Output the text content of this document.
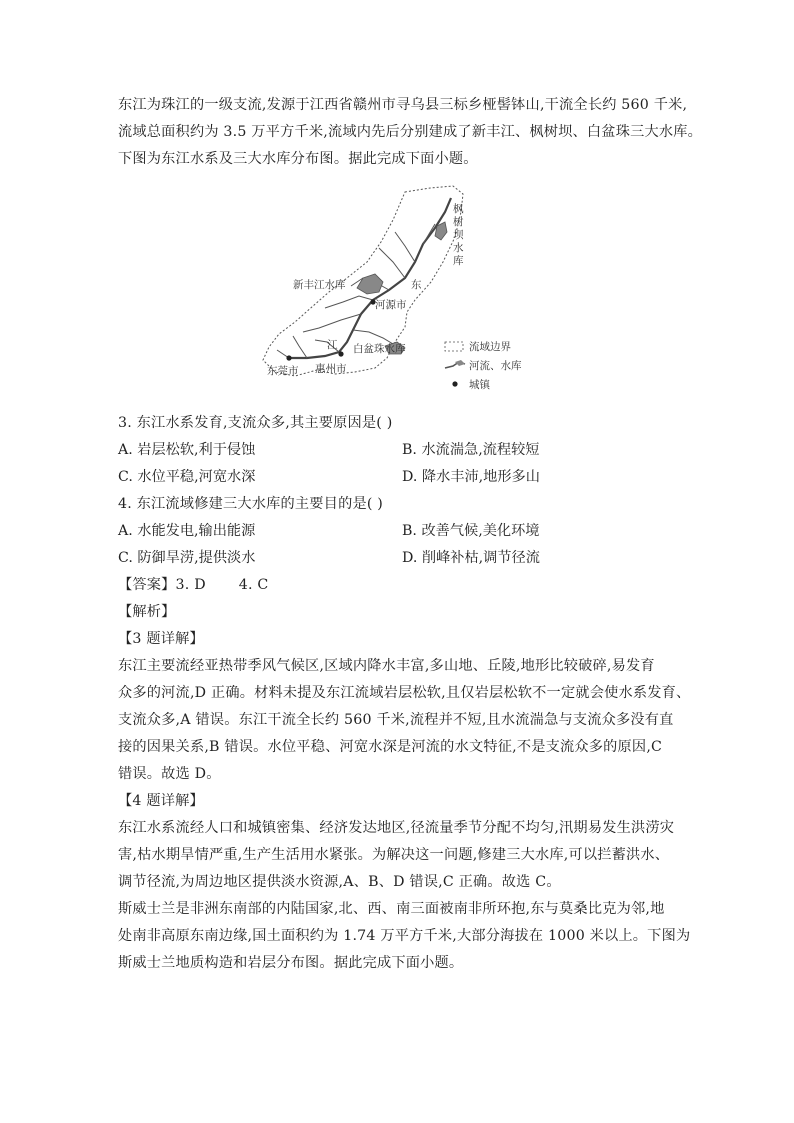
东江为珠江的一级支流,发源于江西省赣州市寻乌县三标乡桠髻钵山,干流全长约 560 千米,
流域总面积约为 3.5 万平方千米,流域内先后分别建成了新丰江、枫树坝、白盆珠三大水库。
下图为东江水系及三大水库分布图。据此完成下面小题。
枫 树 坝 水 库
新丰江水库	东
河源市
江 白盆珠水库
东莞市 惠州市
流域边界
河流、水库
城镇
3. 东江水系发育,支流众多,其主要原因是( )
A. 岩层松软,利于侵蚀	B. 水流湍急,流程较短
C. 水位平稳,河宽水深	D. 降水丰沛,地形多山
4. 东江流域修建三大水库的主要目的是( )
A. 水能发电,输出能源	B. 改善气候,美化环境
C. 防御旱涝,提供淡水	D. 削峰补枯,调节径流
【答案】3. D       4. C
【解析】
【3 题详解】
东江主要流经亚热带季风气候区,区域内降水丰富,多山地、丘陵,地形比较破碎,易发育
众多的河流,D 正确。材料未提及东江流域岩层松软,且仅岩层松软不一定就会使水系发育、
支流众多,A 错误。东江干流全长约 560 千米,流程并不短,且水流湍急与支流众多没有直
接的因果关系,B 错误。水位平稳、河宽水深是河流的水文特征,不是支流众多的原因,C
错误。故选 D。
【4 题详解】
东江水系流经人口和城镇密集、经济发达地区,径流量季节分配不均匀,汛期易发生洪涝灾
害,枯水期旱情严重,生产生活用水紧张。为解决这一问题,修建三大水库,可以拦蓄洪水、
调节径流,为周边地区提供淡水资源,A、B、D 错误,C 正确。故选 C。
斯威士兰是非洲东南部的内陆国家,北、西、南三面被南非所环抱,东与莫桑比克为邻,地
处南非高原东南边缘,国土面积约为 1.74 万平方千米,大部分海拔在 1000 米以上。下图为
斯威士兰地质构造和岩层分布图。据此完成下面小题。
